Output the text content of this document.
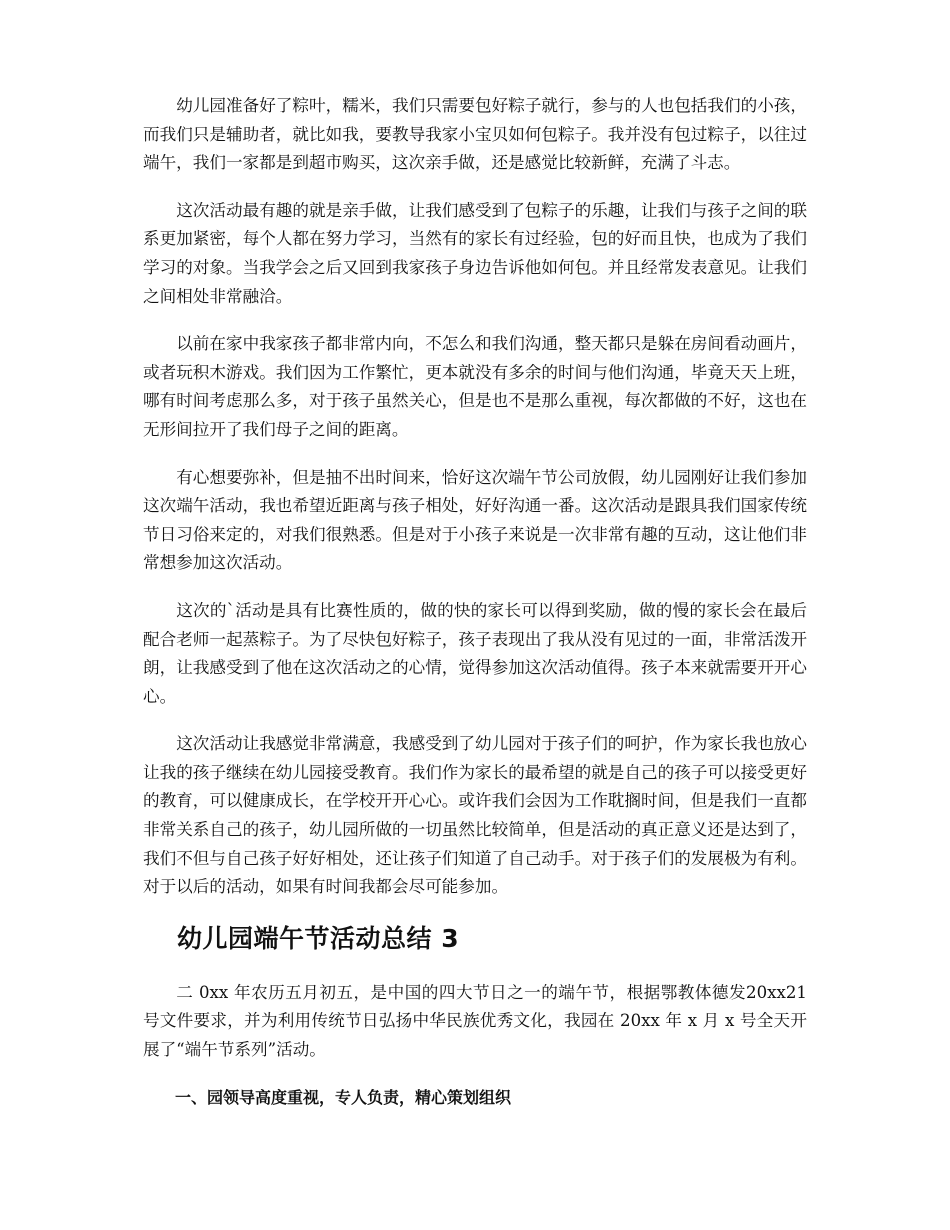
幼儿园准备好了粽叶，糯米，我们只需要包好粽子就行，参与的人也包括我们的小孩，而我们只是辅助者，就比如我，要教导我家小宝贝如何包粽子。我并没有包过粽子，以往过端午，我们一家都是到超市购买，这次亲手做，还是感觉比较新鲜，充满了斗志。

这次活动最有趣的就是亲手做，让我们感受到了包粽子的乐趣，让我们与孩子之间的联系更加紧密，每个人都在努力学习，当然有的家长有过经验，包的好而且快，也成为了我们学习的对象。当我学会之后又回到我家孩子身边告诉他如何包。并且经常发表意见。让我们之间相处非常融洽。

以前在家中我家孩子都非常内向，不怎么和我们沟通，整天都只是躲在房间看动画片，或者玩积木游戏。我们因为工作繁忙，更本就没有多余的时间与他们沟通，毕竟天天上班，哪有时间考虑那么多，对于孩子虽然关心，但是也不是那么重视，每次都做的不好，这也在无形间拉开了我们母子之间的距离。

有心想要弥补，但是抽不出时间来，恰好这次端午节公司放假，幼儿园刚好让我们参加这次端午活动，我也希望近距离与孩子相处，好好沟通一番。这次活动是跟具我们国家传统节日习俗来定的，对我们很熟悉。但是对于小孩子来说是一次非常有趣的互动，这让他们非常想参加这次活动。

这次的`活动是具有比赛性质的，做的快的家长可以得到奖励，做的慢的家长会在最后配合老师一起蒸粽子。为了尽快包好粽子，孩子表现出了我从没有见过的一面，非常活泼开朗，让我感受到了他在这次活动之的心情，觉得参加这次活动值得。孩子本来就需要开开心心。

这次活动让我感觉非常满意，我感受到了幼儿园对于孩子们的呵护，作为家长我也放心让我的孩子继续在幼儿园接受教育。我们作为家长的最希望的就是自己的孩子可以接受更好的教育，可以健康成长，在学校开开心心。或许我们会因为工作耽搁时间，但是我们一直都非常关系自己的孩子，幼儿园所做的一切虽然比较简单，但是活动的真正意义还是达到了，我们不但与自己孩子好好相处，还让孩子们知道了自己动手。对于孩子们的发展极为有利。对于以后的活动，如果有时间我都会尽可能参加。

幼儿园端午节活动总结 3

二 0xx 年农历五月初五，是中国的四大节日之一的端午节，根据鄂教体德发20xx21 号文件要求，并为利用传统节日弘扬中华民族优秀文化，我园在 20xx 年 x 月 x 号全天开展了“端午节系列”活动。

一、园领导高度重视，专人负责，精心策划组织
